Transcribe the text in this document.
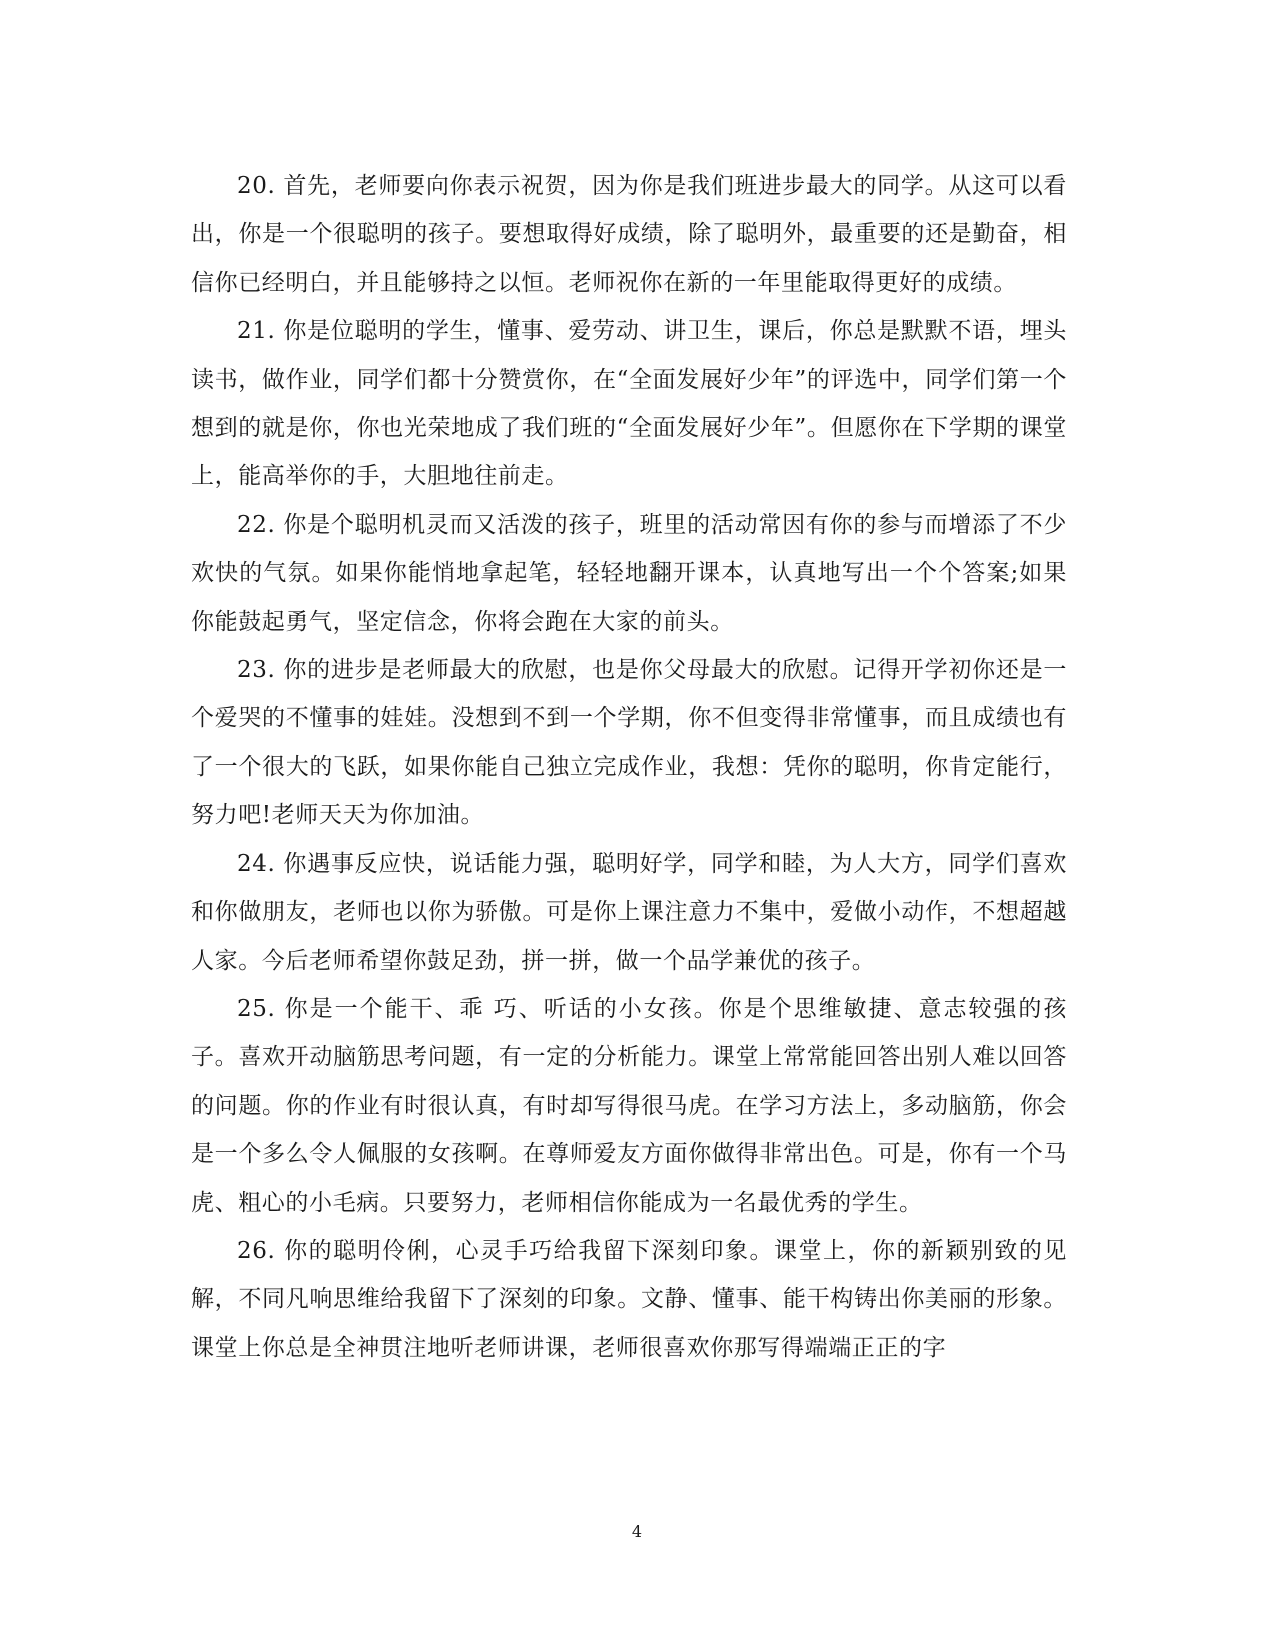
20. 首先，老师要向你表示祝贺，因为你是我们班进步最大的同学。从这可以看出，你是一个很聪明的孩子。要想取得好成绩，除了聪明外，最重要的还是勤奋，相信你已经明白，并且能够持之以恒。老师祝你在新的一年里能取得更好的成绩。

21. 你是位聪明的学生，懂事、爱劳动、讲卫生，课后，你总是默默不语，埋头读书，做作业，同学们都十分赞赏你，在“全面发展好少年”的评选中，同学们第一个想到的就是你，你也光荣地成了我们班的“全面发展好少年”。但愿你在下学期的课堂上，能高举你的手，大胆地往前走。

22. 你是个聪明机灵而又活泼的孩子，班里的活动常因有你的参与而增添了不少欢快的气氛。如果你能悄地拿起笔，轻轻地翻开课本，认真地写出一个个答案;如果你能鼓起勇气，坚定信念，你将会跑在大家的前头。

23. 你的进步是老师最大的欣慰，也是你父母最大的欣慰。记得开学初你还是一个爱哭的不懂事的娃娃。没想到不到一个学期，你不但变得非常懂事，而且成绩也有了一个很大的飞跃，如果你能自己独立完成作业，我想：凭你的聪明，你肯定能行，努力吧!老师天天为你加油。

24. 你遇事反应快，说话能力强，聪明好学，同学和睦，为人大方，同学们喜欢和你做朋友，老师也以你为骄傲。可是你上课注意力不集中，爱做小动作，不想超越人家。今后老师希望你鼓足劲，拼一拼，做一个品学兼优的孩子。

25. 你是一个能干、乖 巧、听话的小女孩。你是个思维敏捷、意志较强的孩子。喜欢开动脑筋思考问题，有一定的分析能力。课堂上常常能回答出别人难以回答的问题。你的作业有时很认真，有时却写得很马虎。在学习方法上，多动脑筋，你会是一个多么令人佩服的女孩啊。在尊师爱友方面你做得非常出色。可是，你有一个马虎、粗心的小毛病。只要努力，老师相信你能成为一名最优秀的学生。

26. 你的聪明伶俐，心灵手巧给我留下深刻印象。课堂上，你的新颖别致的见解，不同凡响思维给我留下了深刻的印象。文静、懂事、能干构铸出你美丽的形象。课堂上你总是全神贯注地听老师讲课，老师很喜欢你那写得端端正正的字

4
